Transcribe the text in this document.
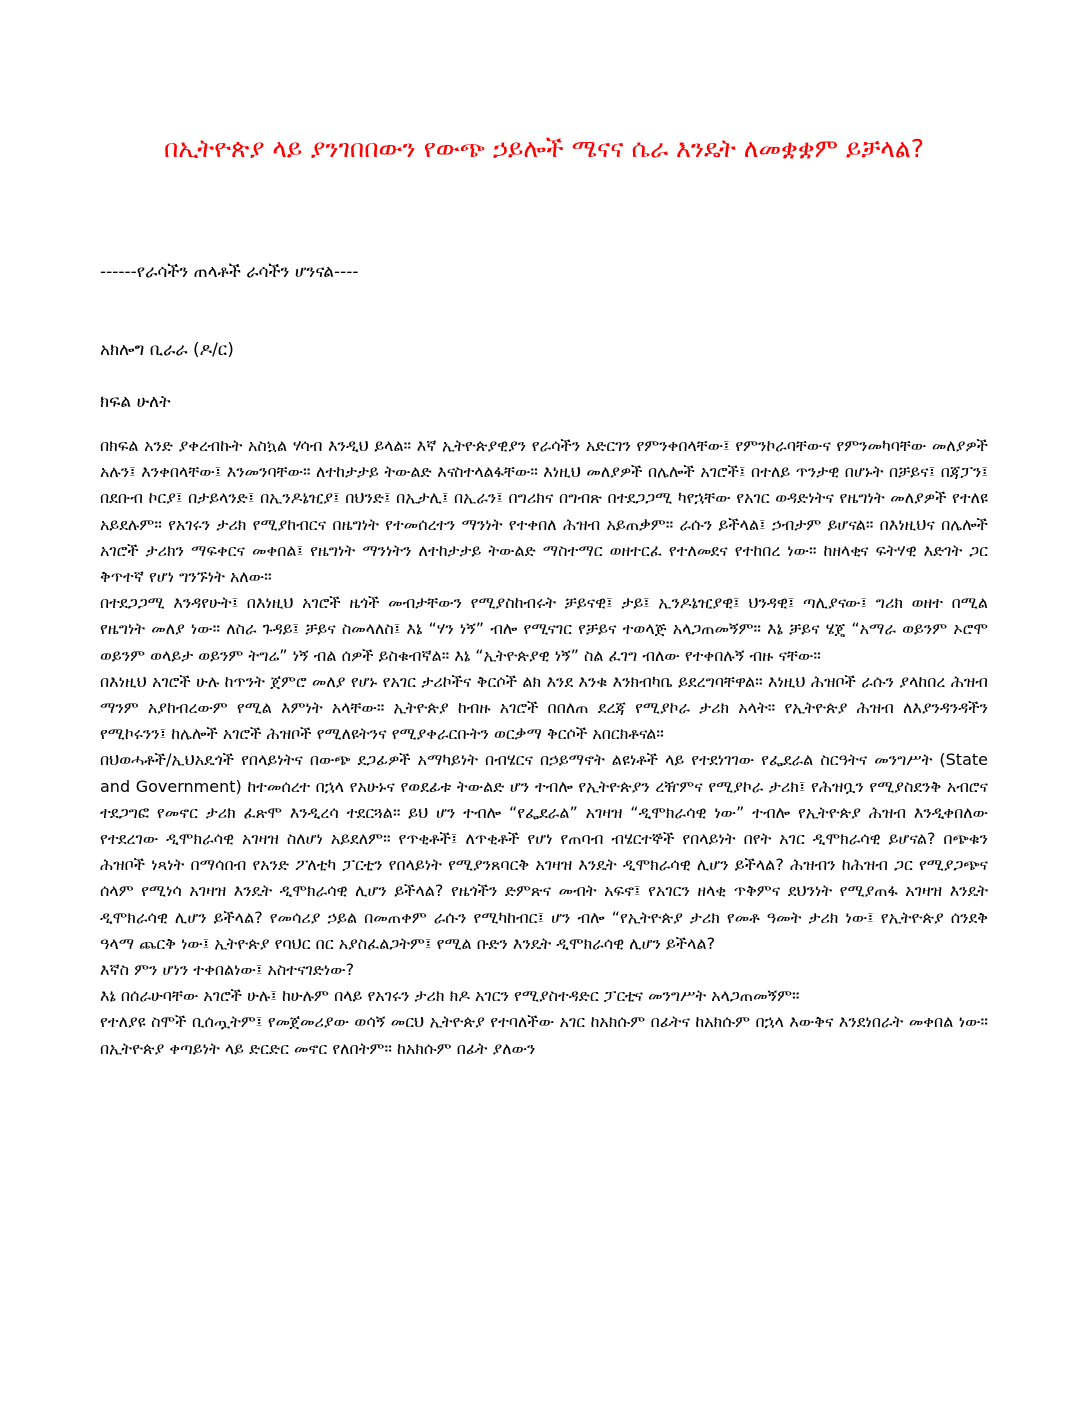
በኢትዮጵያ ላይ ያንገበበውን የውጭ ኃይሎች ሜናና ሴራ እንዴት ለመቋቋም ይቻላል?

------የራሳችን ጠላቶች ራሳችን ሆንናል----

አክሎግ ቢራራ (ዶ/ር)

ክፍል ሁለት

በክፍል አንድ ያቀረብኩት አስኳል ሃሳብ እንዲህ ይላል። እኛ ኢትዮጵያዊያን የራሳችን አድርገን የምንቀበላቸው፤ የምንኮራባቸውና የምንመካባቸው መለያዎች አሉን፤ እንቀበላቸው፤ እንመንባቸው። ለተከታታይ ትውልድ እናስተላልፋቸው። እነዚህ መለያዎች በሌሎች አገሮች፤ በተለይ ጥንታዊ በሆኑት በቻይና፤ በጃፓን፤ በደቡብ ኮርያ፤ በታይላንድ፤ በኢንዶኔዢያ፤ በህንድ፤ በኢታሊ፤ በኢራን፤ በግሪክና በግብጽ በተደጋጋሚ ካየኋቸው የአገር ወዳድነትና የዜግነት መለያዎች የተለዩ አይደሉም። የአገሩን ታሪክ የሚያከብርና በዜግነት የተመሰረተን ማንነት የተቀበለ ሕዝብ አይጠቃም። ራሱን ይችላል፤ ኃብታም ይሆናል። በእነዚህና በሌሎች አገሮች ታሪክን ማፍቀርና መቀበል፤ የዜግነት ማንነትን ለተከታታይ ትውልድ ማስተማር ወዘተርፈ የተለመደና የተከበረ ነው። ከዘላቂና ፍትሃዊ እድገት ጋር ቅጥተኛ የሆነ ግንኙነት አለው።

በተደጋጋሚ እንዳየሁት፤ በእነዚህ አገሮች ዜጎች መብታቸውን የሚያስከብሩት ቻይናዊ፤ ታይ፤ ኢንዶኔዢያዊ፤ ህንዳዊ፤ ጣሊያናው፤ ግሪክ ወዘተ በሚል የዜግነት መለያ ነው። ለስራ ጉዳይ፤ ቻይና ስመላለስ፤ እኔ “ሃን ነኝ” ብሎ የሚናገር የቻይና ተወላጅ አላጋጠመኝም። እኔ ቻይና ሄጄ “አማራ ወይንም ኦሮሞ ወይንም ወላይታ ወይንም ትግሬ” ነኝ ብል ሰዎች ይስቁብኛል። እኔ “ኢትዮጵያዊ ነኝ” ስል ፈገግ ብለው የተቀበሉኝ ብዙ ናቸው።

በእነዚህ አገሮች ሁሉ ከጥንት ጀምሮ መለያ የሆኑ የአገር ታሪኮችና ቅርሶች ልክ እንደ እንቁ እንክብካቤ ይደረግባቸዋል። እነዚህ ሕዝቦች ራሱን ያላከበረ ሕዝብ ማንም አያከብረውም የሚል እምነት አላቸው። ኢትዮጵያ ከብዙ አገሮች በበለጠ ደረጃ የሚያኮራ ታሪክ አላት። የኢትዮጵያ ሕዝብ ለእያንዳንዳችን የሚኮሩንን፤ ከሌሎች አገሮች ሕዝቦች የሚለዩትንና የሚያቀራርቡትን ወርቃማ ቅርሶች አበርክቶናል።

በህወሓቶች/ኢህአዴጎች የበላይነትና በውጭ ደጋፊዎች አማካይነት በብሄርና በኃይማኖት ልዩነቶች ላይ የተደነገገው የፌደራል ስርዓትና መንግሥት (State and Government) ከተመሰረተ በኋላ የአሁኑና የወደፊቱ ትውልድ ሆን ተብሎ የኢትዮጵያን ረዥምና የሚያኮራ ታሪክ፤ የሕዝቧን የሚያስደንቅ አብሮና ተደጋግፎ የመኖር ታሪክ ፈጽሞ እንዲረሳ ተደርጓል። ይህ ሆን ተብሎ “የፌደራል” አገዛዝ “ዲሞክራሳዊ ነው” ተብሎ የኢትዮጵያ ሕዝብ እንዲቀበለው የተደረገው ዲሞክራሳዊ አገዛዝ ስለሆነ አይደለም። የጥቂቶች፤ ለጥቂቶች የሆነ የጠባብ ብሄርተኞች የበላይነት በየት አገር ዲሞክራሳዊ ይሆናል? በጭቁን ሕዝቦች ነጻነት በማሳበብ የአንድ ፖለቲካ ፓርቲን የበላይነት የሚያንጸባርቅ አገዛዝ እንዴት ዲሞክራሳዊ ሊሆን ይችላል? ሕዝብን ከሕዝብ ጋር የሚያጋጭና ሰላም የሚነሳ አገዛዝ እንዴት ዲሞክራሳዊ ሊሆን ይችላል? የዜጎችን ድምጽና መብት አፍኖ፤ የአገርን ዘላቂ ጥቅምና ደህንነት የሚያጠፋ አገዛዝ እንዴት ዲሞክራሳዊ ሊሆን ይችላል? የመሳሪያ ኃይል በመጠቀም ራሱን የሚካከብር፤ ሆን ብሎ “የኢትዮጵያ ታሪክ የመቶ ዓመት ታሪክ ነው፤ የኢትዮጵያ ሰንደቅ ዓላማ ጨርቅ ነው፤ ኢትዮጵያ የባህር በር አያስፈልጋትም፤ የሚል ቡድን እንዴት ዲሞክራሳዊ ሊሆን ይችላል?

እኛስ ምን ሆነን ተቀበልነው፤ አስተናገድነው?

እኔ በሰራሁባቸው አገሮች ሁሉ፤ ከሁሉም በላይ የአገሩን ታሪክ ክዶ አገርን የሚያስተዳድር ፓርቲና መንግሥት አላጋጠመኝም።

የተለያዩ ስሞች ቢሰጧትም፤ የመጀመሪያው ወሳኝ መርህ ኢትዮጵያ የተባለችው አገር ከአክሱም በፊትና ከአክሱም በኋላ እውቅና እንደነበራት መቀበል ነው። በኢትዮጵያ ቀጣይነት ላይ ድርድር መኖር የለበትም። ከአክሱም በፊት ያለውን
